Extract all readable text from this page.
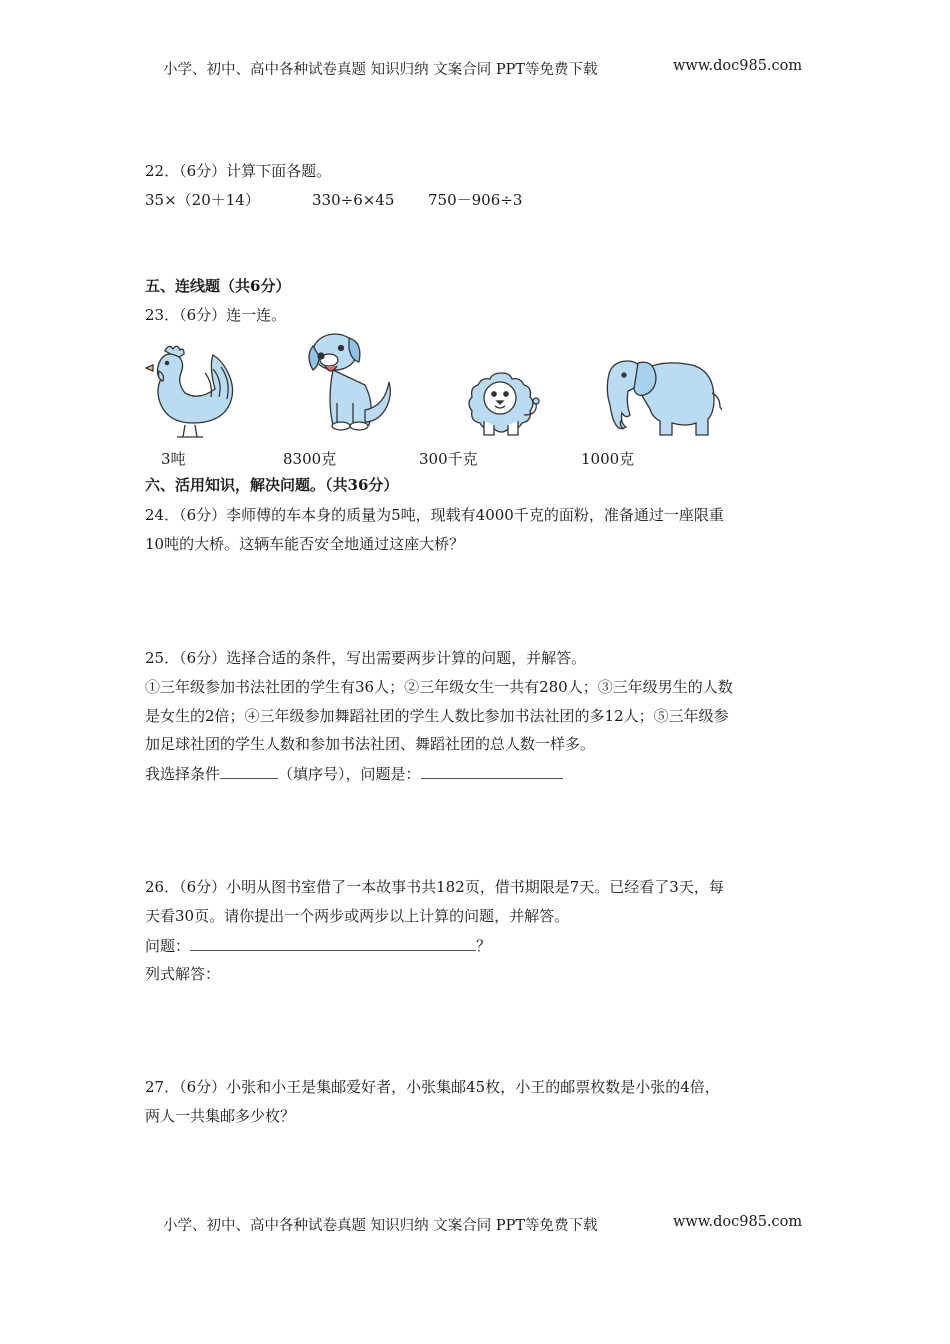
小学、初中、高中各种试卷真题 知识归纳 文案合同 PPT等免费下载	www.doc985.com
22．（6分）计算下面各题。
35×（20＋14）	330÷6×45 750－906÷3
五、连线题（共6分）
23．（6分）连一连。
3吨	8300克	300千克	1000克
六、活用知识，解决问题。（共36分）
24．（6分）李师傅的车本身的质量为5吨，现载有4000千克的面粉，准备通过一座限重
10吨的大桥。这辆车能否安全地通过这座大桥？
25．（6分）选择合适的条件，写出需要两步计算的问题，并解答。
①三年级参加书法社团的学生有36人；②三年级女生一共有280人；③三年级男生的人数
是女生的2倍；④三年级参加舞蹈社团的学生人数比参加书法社团的多12人；⑤三年级参
加足球社团的学生人数和参加书法社团、舞蹈社团的总人数一样多。
我选择条件	（填序号），问题是：
26．（6分）小明从图书室借了一本故事书共182页，借书期限是7天。已经看了3天，每
天看30页。请你提出一个两步或两步以上计算的问题，并解答。
问题：	？
列式解答：
27．（6分）小张和小王是集邮爱好者，小张集邮45枚，小王的邮票枚数是小张的4倍，
两人一共集邮多少枚？
小学、初中、高中各种试卷真题 知识归纳 文案合同 PPT等免费下载	www.doc985.com
